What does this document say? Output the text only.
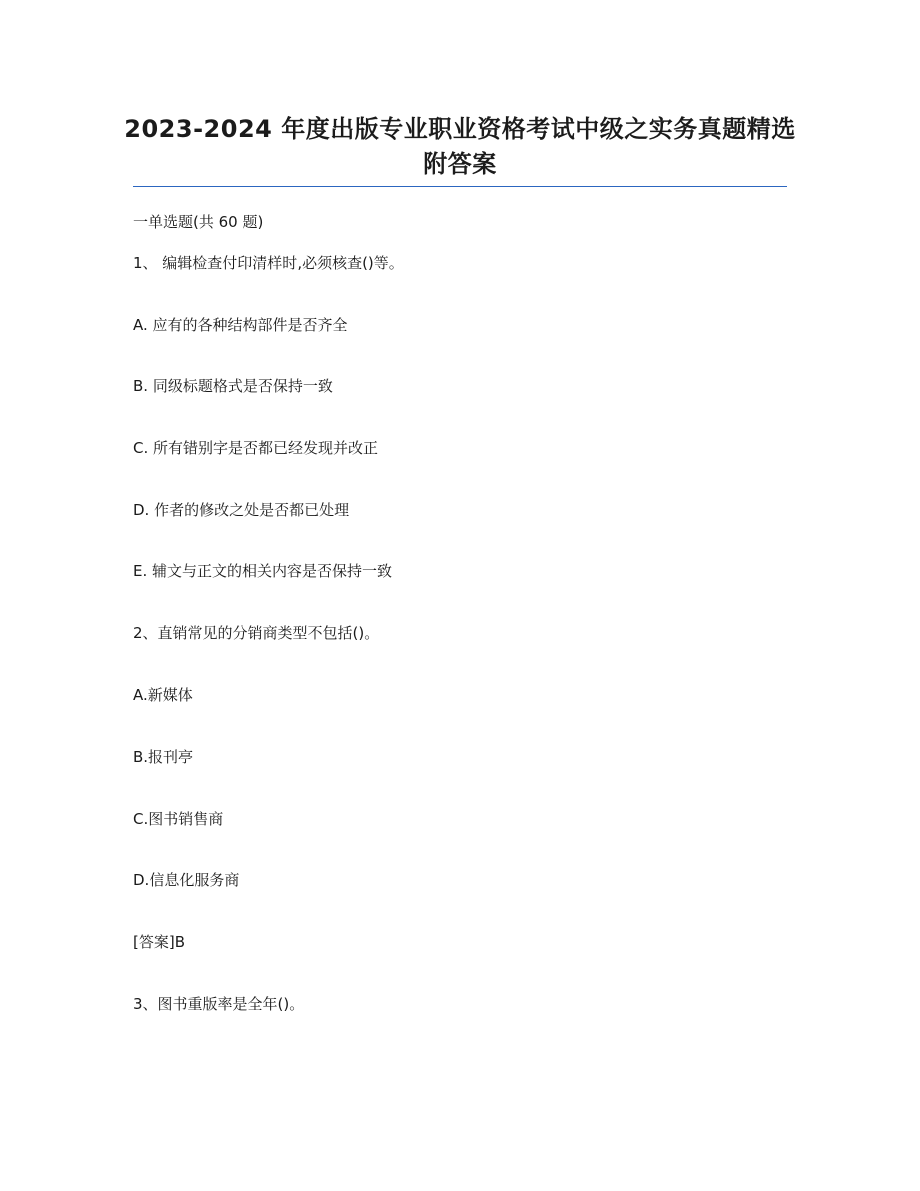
2023-2024 年度出版专业职业资格考试中级之实务真题精选
附答案
一单选题(共 60 题)
1、 编辑检查付印清样时,必须核查()等。
A. 应有的各种结构部件是否齐全
B. 同级标题格式是否保持一致
C. 所有错别字是否都已经发现并改正
D. 作者的修改之处是否都已处理
E. 辅文与正文的相关内容是否保持一致
2、直销常见的分销商类型不包括()。
A.新媒体
B.报刊亭
C.图书销售商
D.信息化服务商
[答案]B
3、图书重版率是全年()。
